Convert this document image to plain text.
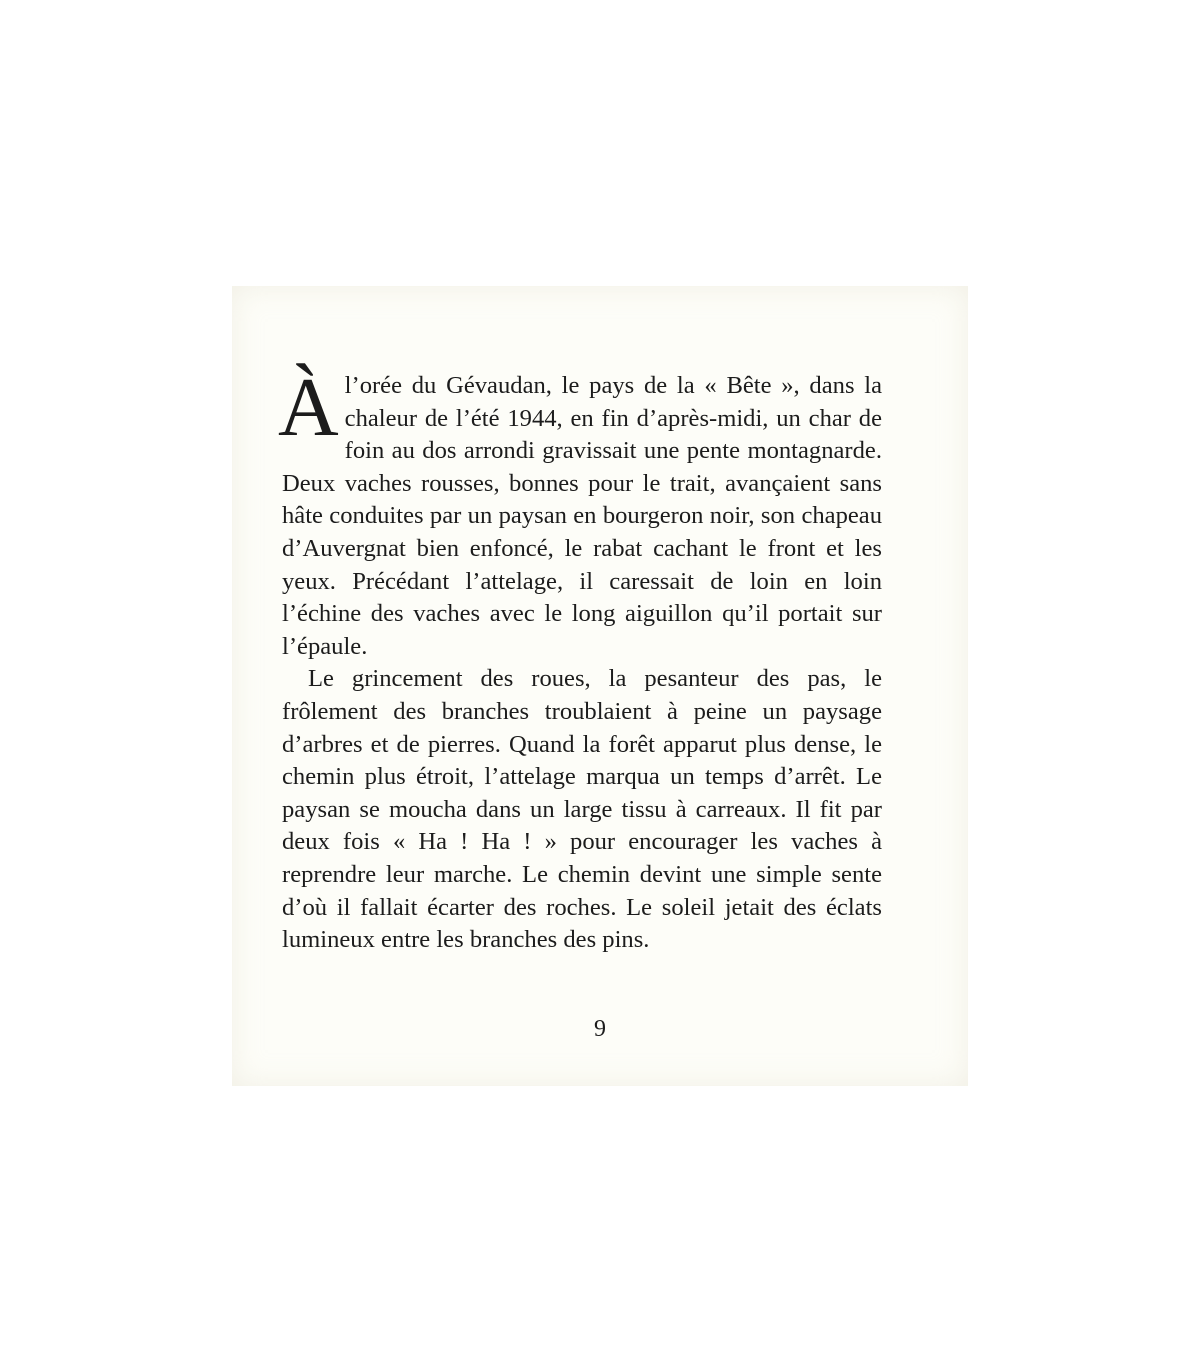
Àl’orée du Gévaudan, le pays de la « Bête », dans la chaleur de l’été 1944, en fin d’après-midi, un char de foin au dos arrondi gravissait une pente montagnarde. Deux vaches rousses, bonnes pour le trait, avançaient sans hâte conduites par un paysan en bourgeron noir, son chapeau d’Auvergnat bien enfoncé, le rabat cachant le front et les yeux. Précédant l’attelage, il caressait de loin en loin l’échine des vaches avec le long aiguillon qu’il portait sur l’épaule.

Le grincement des roues, la pesanteur des pas, le frôlement des branches troublaient à peine un paysage d’arbres et de pierres. Quand la forêt apparut plus dense, le chemin plus étroit, l’attelage marqua un temps d’arrêt. Le paysan se moucha dans un large tissu à carreaux. Il fit par deux fois « Ha ! Ha ! » pour encourager les vaches à reprendre leur marche. Le chemin devint une simple sente d’où il fallait écarter des roches. Le soleil jetait des éclats lumineux entre les branches des pins.

9
